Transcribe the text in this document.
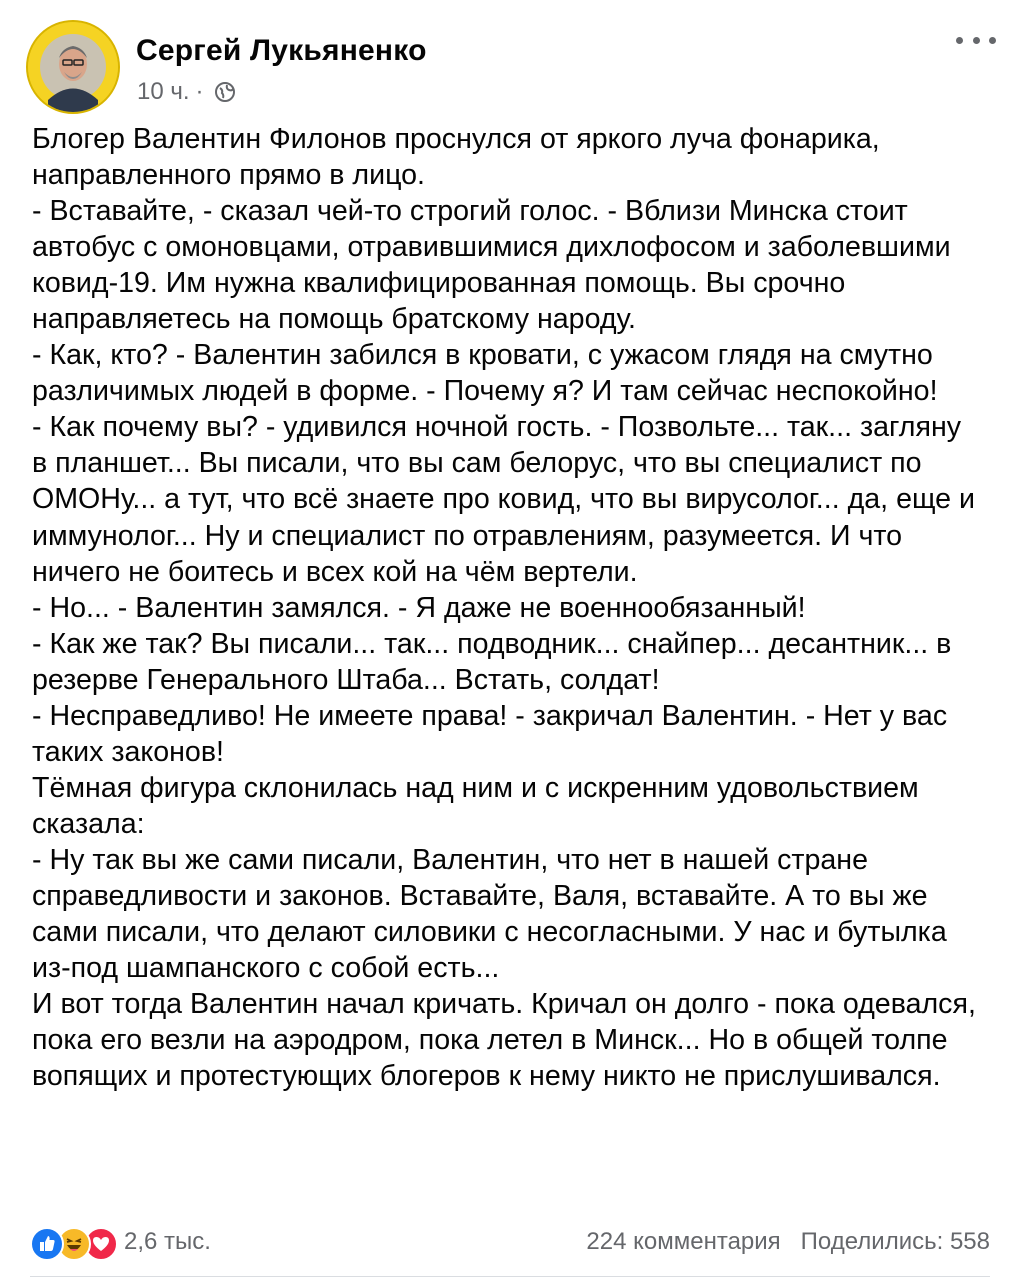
Сергей Лукьяненко
10 ч. ·

Блогер Валентин Филонов проснулся от яркого луча фонарика, направленного прямо в лицо.

- Вставайте, - сказал чей-то строгий голос. - Вблизи Минска стоит автобус с омоновцами, отравившимися дихлофосом и заболевшими ковид-19. Им нужна квалифицированная помощь. Вы срочно направляетесь на помощь братскому народу.

- Как, кто? - Валентин забился в кровати, с ужасом глядя на смутно различимых людей в форме. - Почему я? И там сейчас неспокойно!

- Как почему вы? - удивился ночной гость. - Позвольте... так... загляну в планшет... Вы писали, что вы сам белорус, что вы специалист по ОМОНу... а тут, что всё знаете про ковид, что вы вирусолог... да, еще и иммунолог... Ну и специалист по отравлениям, разумеется. И что ничего не боитесь и всех кой на чём вертели.

- Но... - Валентин замялся. - Я даже не военнообязанный!

- Как же так? Вы писали... так... подводник... снайпер... десантник... в резерве Генерального Штаба... Встать, солдат!

- Несправедливо! Не имеете права! - закричал Валентин. - Нет у вас таких законов!

Тёмная фигура склонилась над ним и с искренним удовольствием сказала:

- Ну так вы же сами писали, Валентин, что нет в нашей стране справедливости и законов. Вставайте, Валя, вставайте. А то вы же сами писали, что делают силовики с несогласными. У нас и бутылка из-под шампанского с собой есть...

И вот тогда Валентин начал кричать. Кричал он долго - пока одевался, пока его везли на аэродром, пока летел в Минск... Но в общей толпе вопящих и протестующих блогеров к нему никто не прислушивался.

2,6 тыс.	224 комментария Поделились: 558
